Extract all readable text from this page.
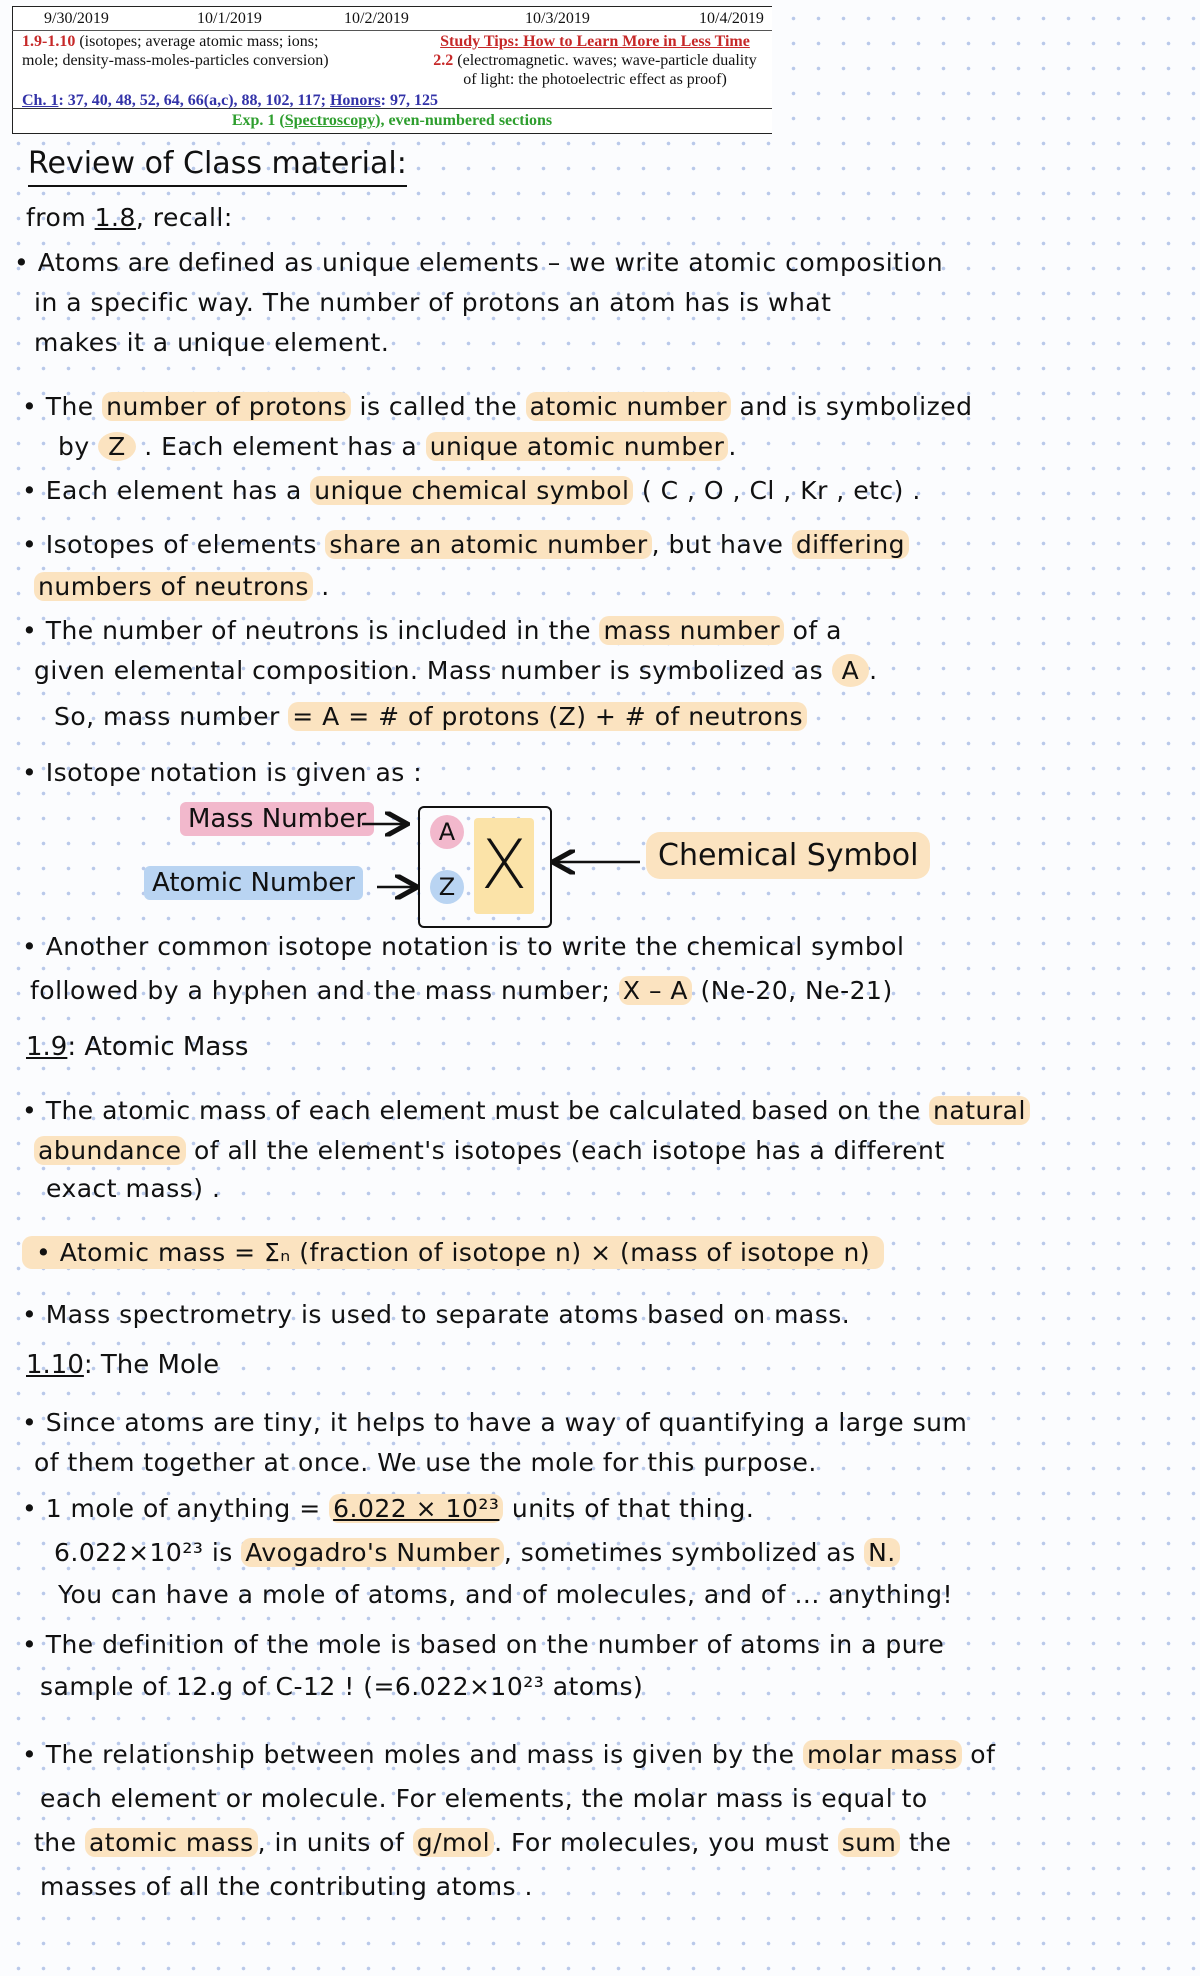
9/30/2019	10/1/2019	10/2/2019	10/3/2019	10/4/2019
1.9-1.10 (isotopes; average atomic mass; ions;
mole; density-mass-moles-particles conversion)
Study Tips: How to Learn More in Less Time
2.2 (electromagnetic. waves; wave-particle duality
of light: the photoelectric effect as proof)
Ch. 1: 37, 40, 48, 52, 64, 66(a,c), 88, 102, 117; Honors: 97, 125
Exp. 1 (Spectroscopy), even-numbered sections
Review of Class material:
from 1.8, recall:
• Atoms are defined as unique elements – we write atomic composition
in a specific way. The number of protons an atom has is what
makes it a unique element.
• The number of protons is called the atomic number and is symbolized
by Z . Each element has a unique atomic number .
• Each element has a unique chemical symbol ( C , O , Cl , Kr , etc) .
• Isotopes of elements share an atomic number , but have differing
numbers of neutrons .
• The number of neutrons is included in the mass number of a
given elemental composition. Mass number is symbolized as A .
So, mass number = A = # of protons (Z) + # of neutrons
• Isotope notation is given as :
Mass Number
Atomic Number
A
Z X	Chemical Symbol
• Another common isotope notation is to write the chemical symbol
followed by a hyphen and the mass number; X – A (Ne-20, Ne-21)
1.9: Atomic Mass
• The atomic mass of each element must be calculated based on the natural
abundance of all the element's isotopes (each isotope has a different
exact mass) .
• Atomic mass = Σₙ (fraction of isotope n) × (mass of isotope n)
• Mass spectrometry is used to separate atoms based on mass.
1.10: The Mole
• Since atoms are tiny, it helps to have a way of quantifying a large sum
of them together at once. We use the mole for this purpose.
• 1 mole of anything = 6.022 × 10²³ units of that thing.
6.022×10²³ is Avogadro's Number , sometimes symbolized as N.
You can have a mole of atoms, and of molecules, and of ... anything!
• The definition of the mole is based on the number of atoms in a pure
sample of 12.g of C-12 ! (=6.022×10²³ atoms)
• The relationship between moles and mass is given by the molar mass of
each element or molecule. For elements, the molar mass is equal to
the atomic mass , in units of g/mol . For molecules, you must sum the
masses of all the contributing atoms .
